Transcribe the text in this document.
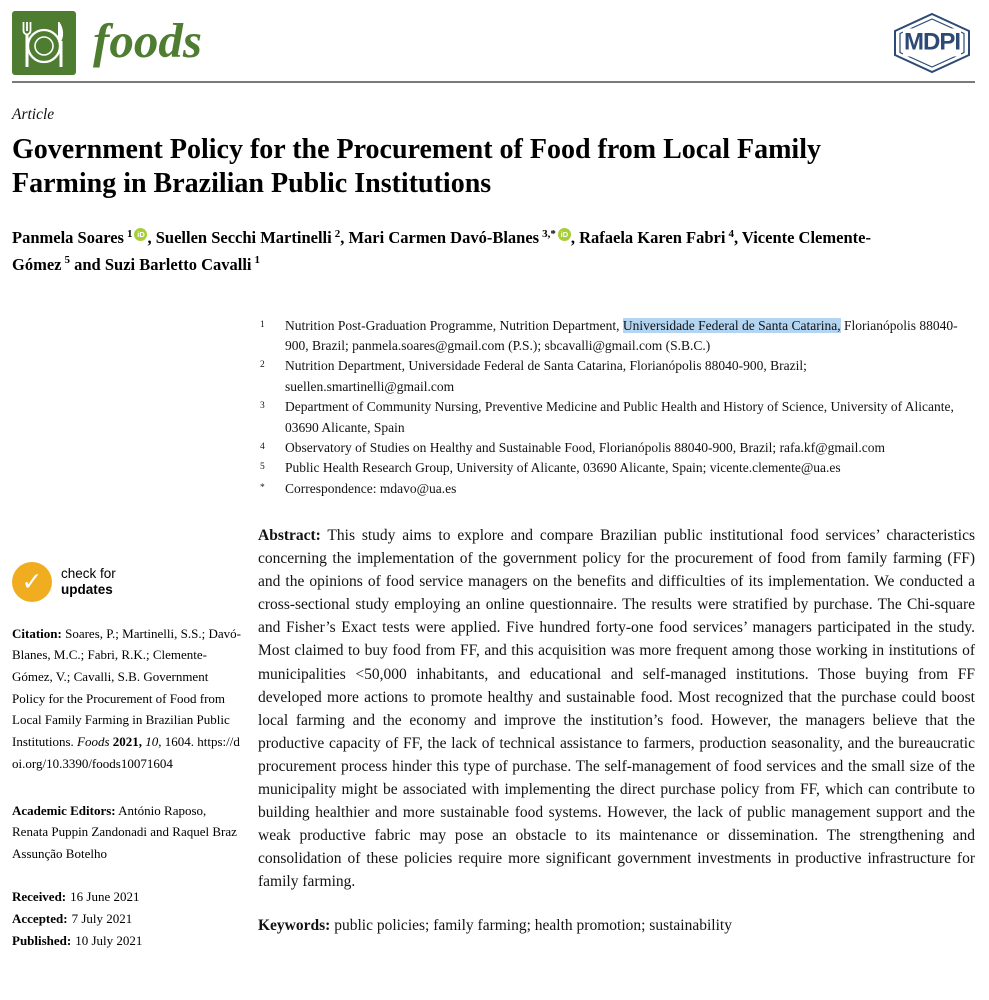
foods	MDPI
Article
Government Policy for the Procurement of Food from Local Family Farming in Brazilian Public Institutions
Panmela Soares $^1$ iD , Suellen Secchi Martinelli $^2$, Mari Carmen Davó-Blanes $^{3,*}$ iD , Rafaela Karen Fabri $^4$, Vicente Clemente-Gómez $^5$ and Suzi Barletto Cavalli $^1$
✓	check for
updates

Citation: Soares, P.; Martinelli, S.S.; Davó-Blanes, M.C.; Fabri, R.K.; Clemente-Gómez, V.; Cavalli, S.B. Government Policy for the Procurement of Food from Local Family Farming in Brazilian Public Institutions. Foods 2021, 10, 1604. https://doi.org/10.3390/foods10071604

Academic Editors: António Raposo, Renata Puppin Zandonadi and Raquel Braz Assunção Botelho

Received: 16 June 2021
Accepted: 7 July 2021
Published: 10 July 2021
1	Nutrition Post-Graduation Programme, Nutrition Department, Universidade Federal de Santa Catarina, Florianópolis 88040-900, Brazil; panmela.soares@gmail.com (P.S.); sbcavalli@gmail.com (S.B.C.)
2	Nutrition Department, Universidade Federal de Santa Catarina, Florianópolis 88040-900, Brazil; suellen.smartinelli@gmail.com
3	Department of Community Nursing, Preventive Medicine and Public Health and History of Science, University of Alicante, 03690 Alicante, Spain
4	Observatory of Studies on Healthy and Sustainable Food, Florianópolis 88040-900, Brazil; rafa.kf@gmail.com
5	Public Health Research Group, University of Alicante, 03690 Alicante, Spain; vicente.clemente@ua.es
*	Correspondence: mdavo@ua.es

Abstract: This study aims to explore and compare Brazilian public institutional food services’ characteristics concerning the implementation of the government policy for the procurement of food from family farming (FF) and the opinions of food service managers on the benefits and difficulties of its implementation. We conducted a cross-sectional study employing an online questionnaire. The results were stratified by purchase. The Chi-square and Fisher’s Exact tests were applied. Five hundred forty-one food services’ managers participated in the study. Most claimed to buy food from FF, and this acquisition was more frequent among those working in institutions of municipalities <50,000 inhabitants, and educational and self-managed institutions. Those buying from FF developed more actions to promote healthy and sustainable food. Most recognized that the purchase could boost local farming and the economy and improve the institution’s food. However, the managers believe that the productive capacity of FF, the lack of technical assistance to farmers, production seasonality, and the bureaucratic procurement process hinder this type of purchase. The self-management of food services and the small size of the municipality might be associated with implementing the direct purchase policy from FF, which can contribute to building healthier and more sustainable food systems. However, the lack of public management support and the weak productive fabric may pose an obstacle to its maintenance or dissemination. The strengthening and consolidation of these policies require more significant government investments in productive infrastructure for family farming.

Keywords: public policies; family farming; health promotion; sustainability
